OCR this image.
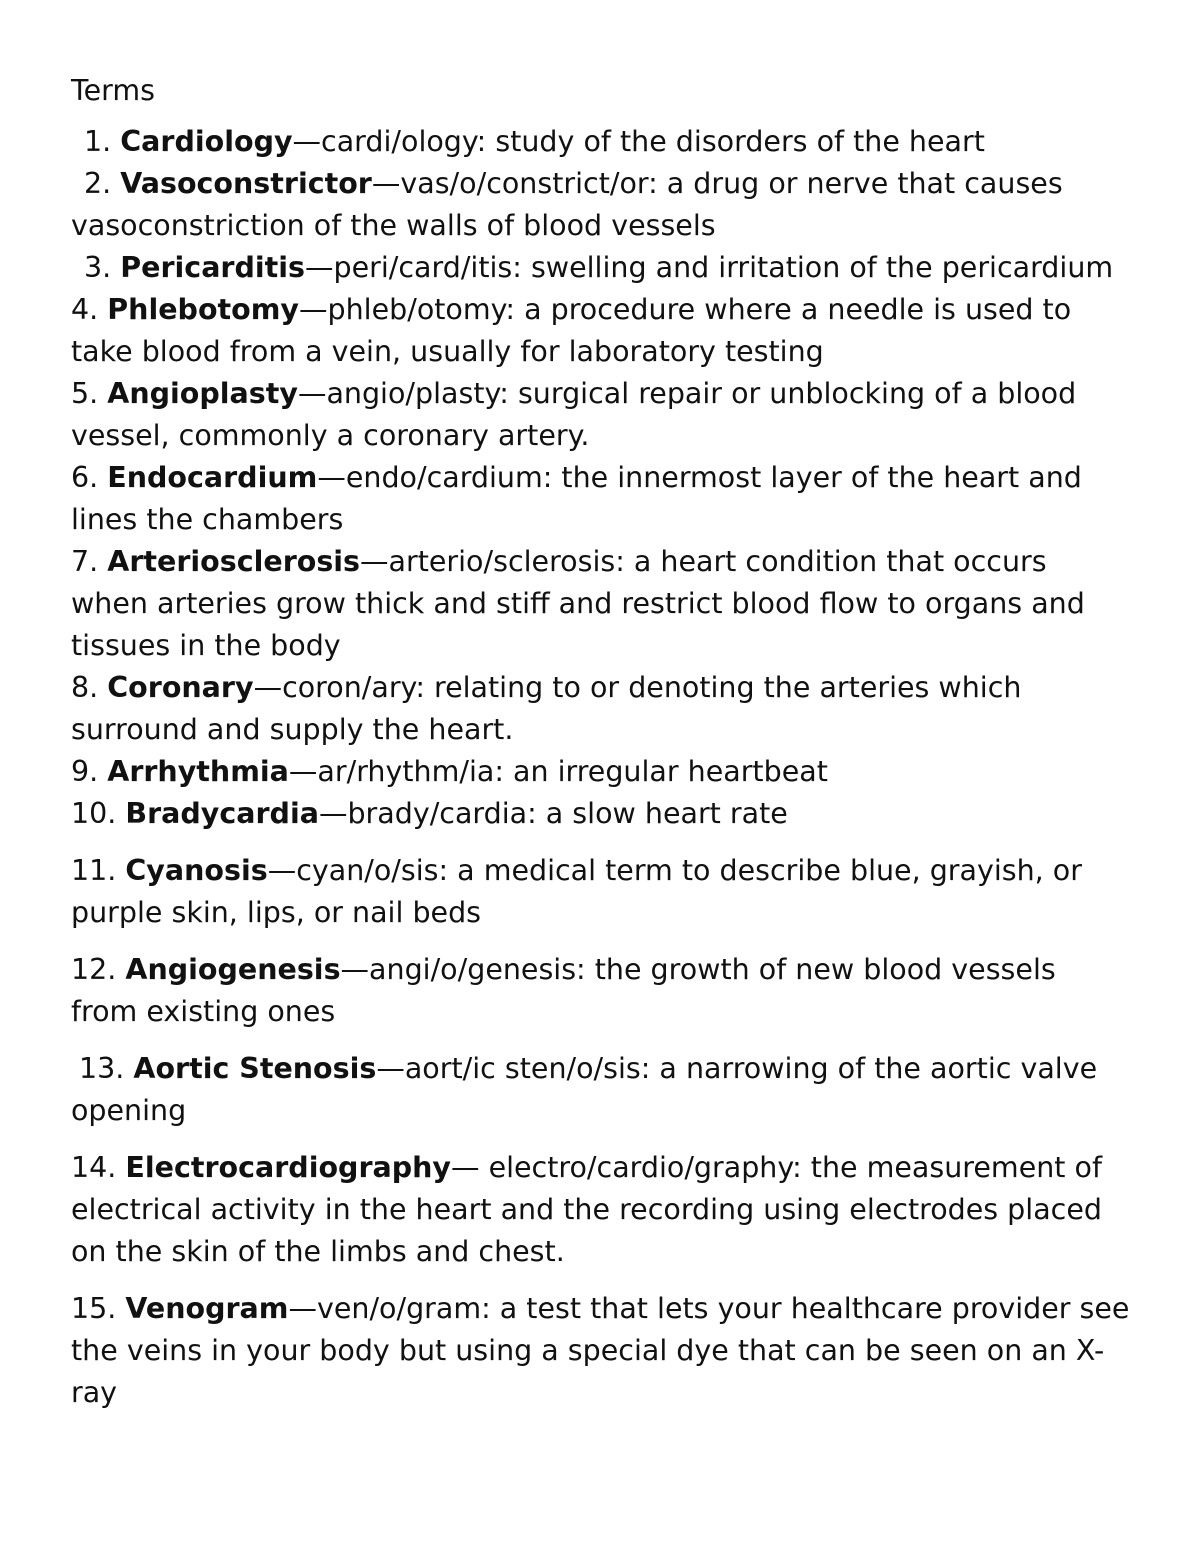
Terms

1. Cardiology—cardi/ology: study of the disorders of the heart

2. Vasoconstrictor—vas/o/constrict/or: a drug or nerve that causes vasoconstriction of the walls of blood vessels

3. Pericarditis—peri/card/itis: swelling and irritation of the pericardium

4. Phlebotomy—phleb/otomy: a procedure where a needle is used to take blood from a vein, usually for laboratory testing

5. Angioplasty—angio/plasty: surgical repair or unblocking of a blood vessel, commonly a coronary artery.

6. Endocardium—endo/cardium: the innermost layer of the heart and lines the chambers

7. Arteriosclerosis—arterio/sclerosis: a heart condition that occurs when arteries grow thick and stiff and restrict blood flow to organs and tissues in the body

8. Coronary—coron/ary: relating to or denoting the arteries which surround and supply the heart.

9. Arrhythmia—ar/rhythm/ia: an irregular heartbeat

10. Bradycardia—brady/cardia: a slow heart rate

11. Cyanosis—cyan/o/sis: a medical term to describe blue, grayish, or purple skin, lips, or nail beds

12. Angiogenesis—angi/o/genesis: the growth of new blood vessels from existing ones

13. Aortic Stenosis—aort/ic sten/o/sis: a narrowing of the aortic valve opening

14. Electrocardiography— electro/cardio/graphy: the measurement of electrical activity in the heart and the recording using electrodes placed on the skin of the limbs and chest.

15. Venogram—ven/o/gram: a test that lets your healthcare provider see the veins in your body but using a special dye that can be seen on an X-ray
